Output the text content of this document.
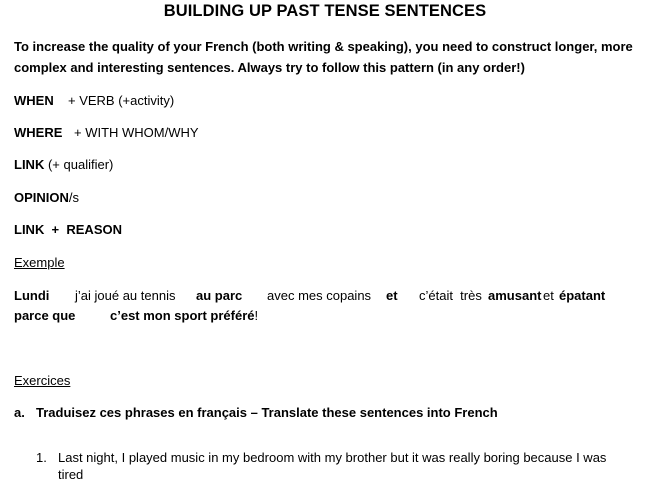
BUILDING UP PAST TENSE SENTENCES
To increase the quality of your French (both writing & speaking), you need to construct longer, more
complex and interesting sentences. Always try to follow this pattern (in any order!)
WHEN + VERB (+activity)
WHERE + WITH WHOM/WHY
LINK (+ qualifier)
OPINION/s
LINK  +  REASON
Exemple
Lundi j’ai joué au tennis au parc avec mes copains et c’était  très amusant et épatant
parce que	c’est mon sport préféré!
Exercices
a. Traduisez ces phrases en français – Translate these sentences into French
1. Last night, I played music in my bedroom with my brother but it was really boring because I was
tired
